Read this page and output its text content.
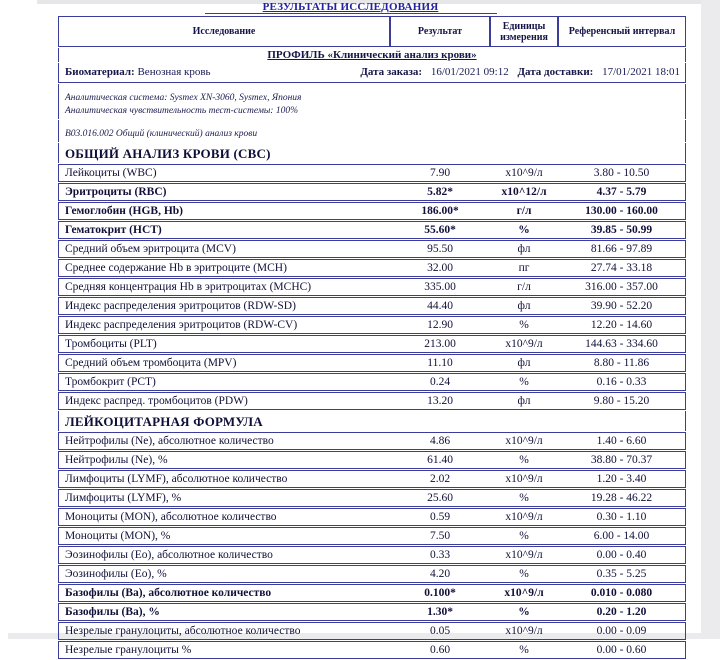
РЕЗУЛЬТАТЫ ИССЛЕДОВАНИЯ
Исследование	Результат	Единицы измерения	Референсный интервал
ПРОФИЛЬ «Клинический анализ крови»			

Биоматериал: Венозная кровь Дата заказа: 16/01/2021 09:12 Дата доставки: 17/01/2021 18:01			

Аналитическая система: Sysmex XN-3060, Sysmex, Япония
Аналитическая чувствительность тест-системы: 100%			

B03.016.002 Общий (клинический) анализ крови			

ОБЩИЙ АНАЛИЗ КРОВИ (CBC)			
Лейкоциты (WBC)	7.90	x10^9/л	3.80 - 10.50
Эритроциты (RBC)	5.82*	x10^12/л	4.37 - 5.79
Гемоглобин (HGB, Hb)	186.00*	г/л	130.00 - 160.00
Гематокрит (HCT)	55.60*	%	39.85 - 50.99
Средний объем эритроцита (MCV)	95.50	фл	81.66 - 97.89
Среднее содержание Hb в эритроците (MCH)	32.00	пг	27.74 - 33.18
Средняя концентрация Hb в эритроцитах (MCHC)	335.00	г/л	316.00 - 357.00
Индекс распределения эритроцитов (RDW-SD)	44.40	фл	39.90 - 52.20
Индекс распределения эритроцитов (RDW-CV)	12.90	%	12.20 - 14.60
Тромбоциты (PLT)	213.00	x10^9/л	144.63 - 334.60
Средний объем тромбоцита (MPV)	11.10	фл	8.80 - 11.86
Тромбокрит (PCT)	0.24	%	0.16 - 0.33
Индекс распред. тромбоцитов (PDW)	13.20	фл	9.80 - 15.20
ЛЕЙКОЦИТАРНАЯ ФОРМУЛА			
Нейтрофилы (Ne), абсолютное количество	4.86	x10^9/л	1.40 - 6.60
Нейтрофилы (Ne), %	61.40	%	38.80 - 70.37
Лимфоциты (LYMF), абсолютное количество	2.02	x10^9/л	1.20 - 3.40
Лимфоциты (LYMF), %	25.60	%	19.28 - 46.22
Моноциты (MON), абсолютное количество	0.59	x10^9/л	0.30 - 1.10
Моноциты (MON), %	7.50	%	6.00 - 14.00
Эозинофилы (Eo), абсолютное количество	0.33	x10^9/л	0.00 - 0.40
Эозинофилы (Eo), %	4.20	%	0.35 - 5.25
Базофилы (Ba), абсолютное количество	0.100*	x10^9/л	0.010 - 0.080
Базофилы (Ba), %	1.30*	%	0.20 - 1.20
Незрелые гранулоциты, абсолютное количество	0.05	x10^9/л	0.00 - 0.09
Незрелые гранулоциты %	0.60	%	0.00 - 0.60
